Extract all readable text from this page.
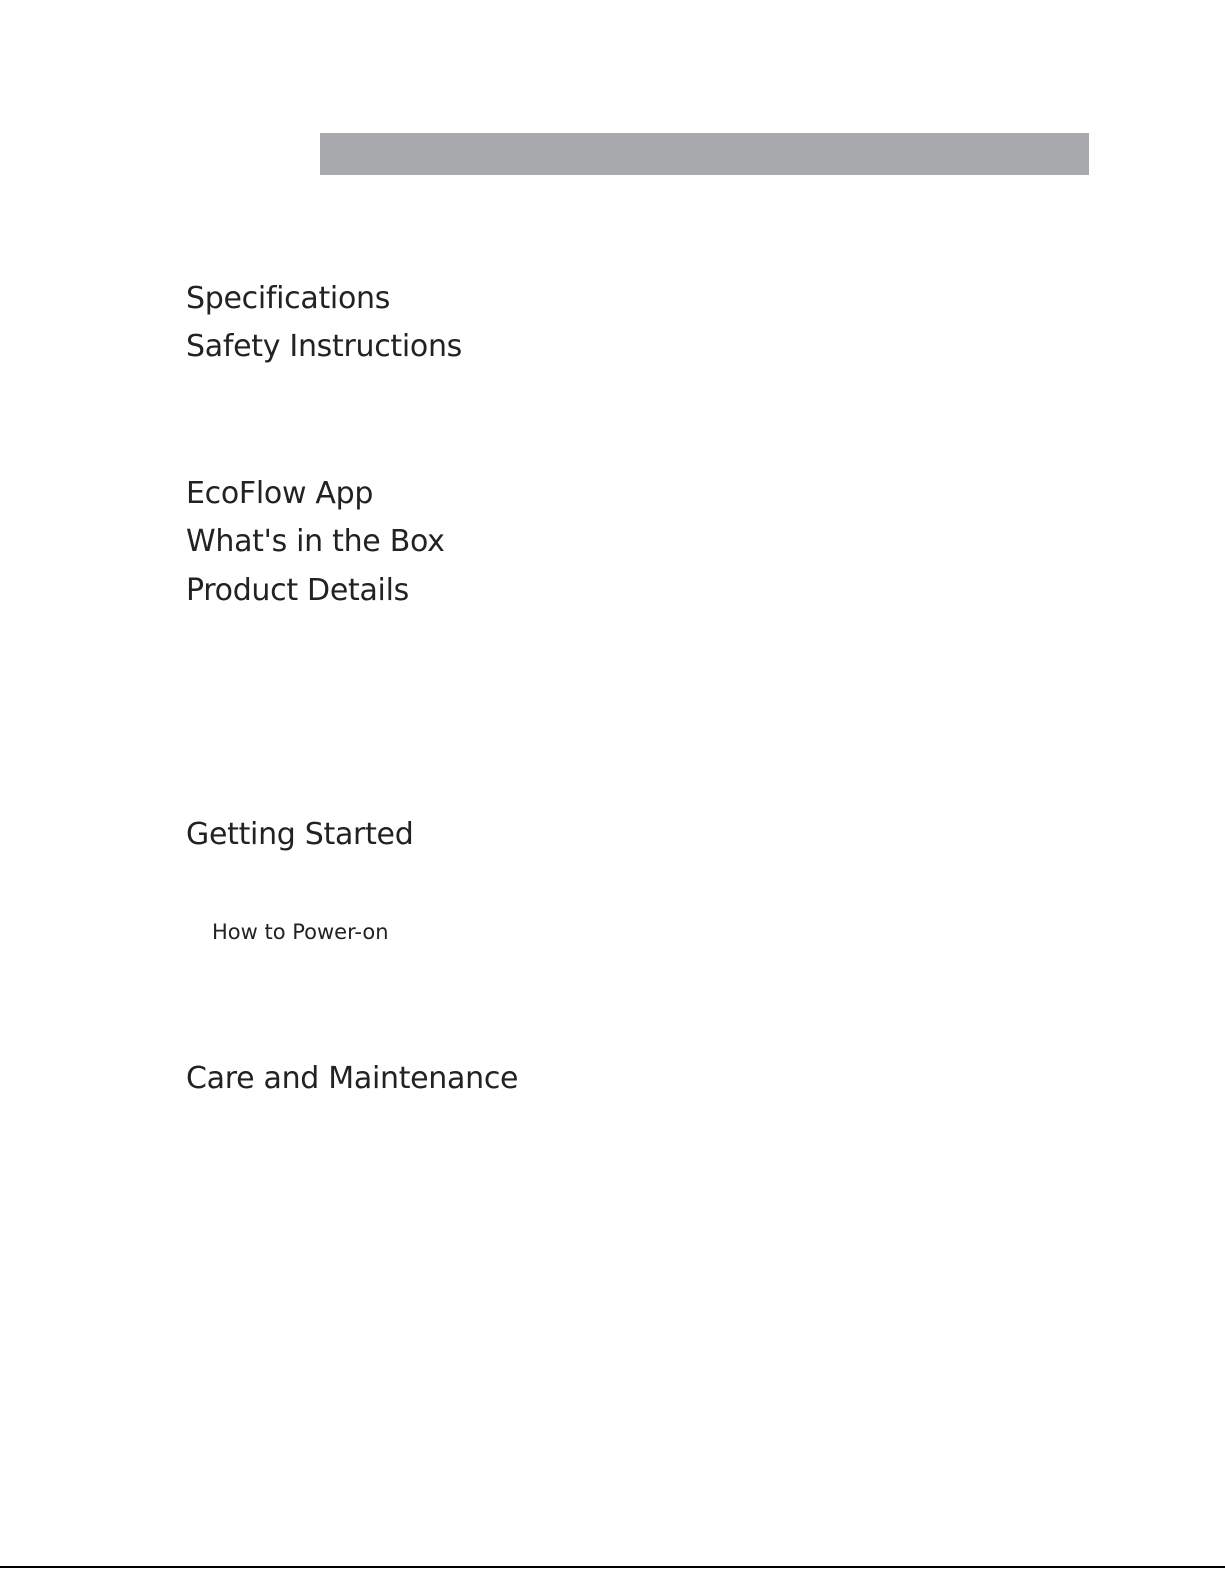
Specifications
Safety Instructions
EcoFlow App
What's in the Box
Product Details
Getting Started
How to Power-on
Care and Maintenance
